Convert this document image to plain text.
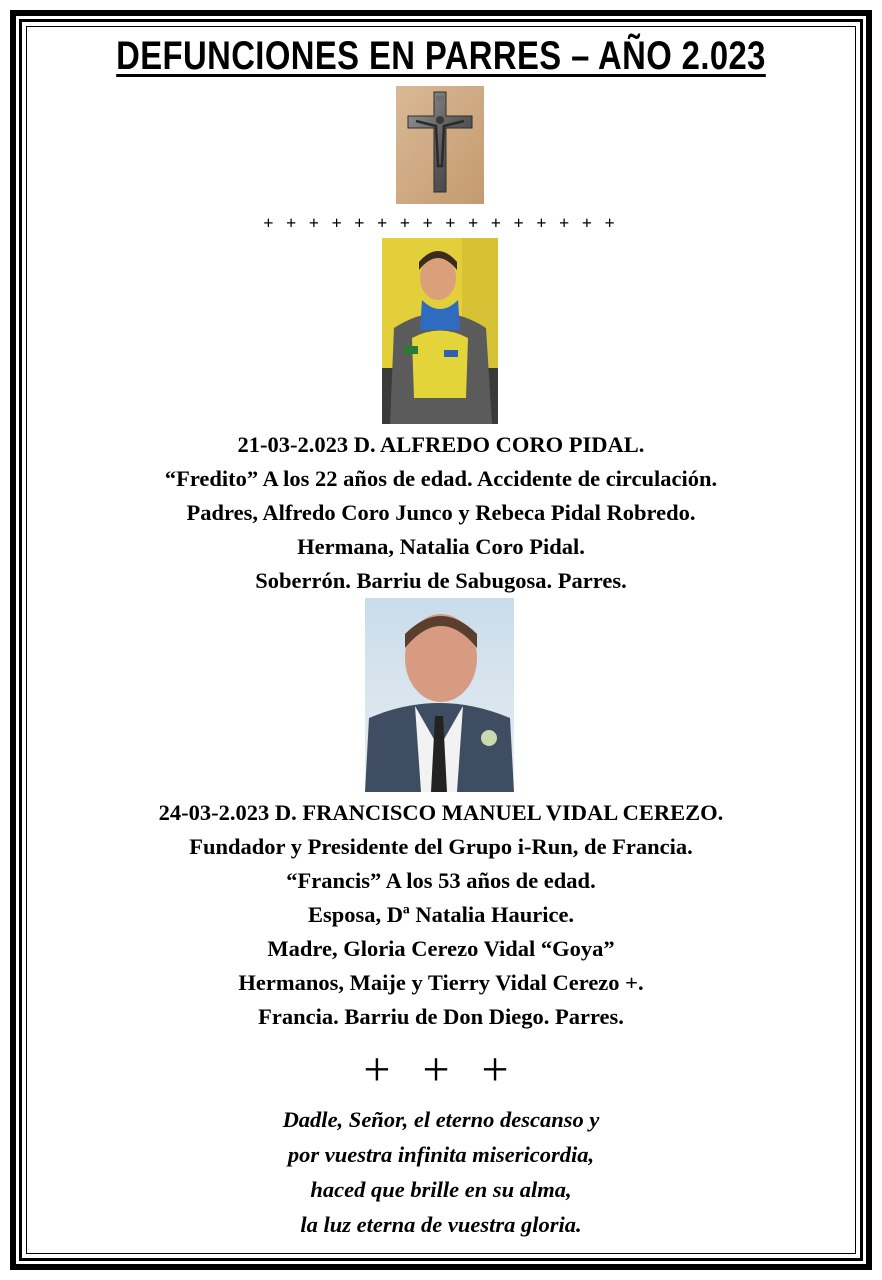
DEFUNCIONES EN PARRES – AÑO 2.023
+ + + + + + + + + + + + + + + +
21-03-2.023 D. ALFREDO CORO PIDAL.
“Fredito” A los 22 años de edad. Accidente de circulación.
Padres, Alfredo Coro Junco y Rebeca Pidal Robredo.
Hermana, Natalia Coro Pidal.
Soberrón. Barriu de Sabugosa. Parres.
24-03-2.023 D. FRANCISCO MANUEL VIDAL CEREZO.
Fundador y Presidente del Grupo i-Run, de Francia.
“Francis” A los 53 años de edad.
Esposa, Dª Natalia Haurice.
Madre, Gloria Cerezo Vidal “Goya”
Hermanos, Maije y Tierry Vidal Cerezo +.
Francia. Barriu de Don Diego. Parres.
+ + +
Dadle, Señor, el eterno descanso y
por vuestra infinita misericordia,
haced que brille en su alma,
la luz eterna de vuestra gloria.
